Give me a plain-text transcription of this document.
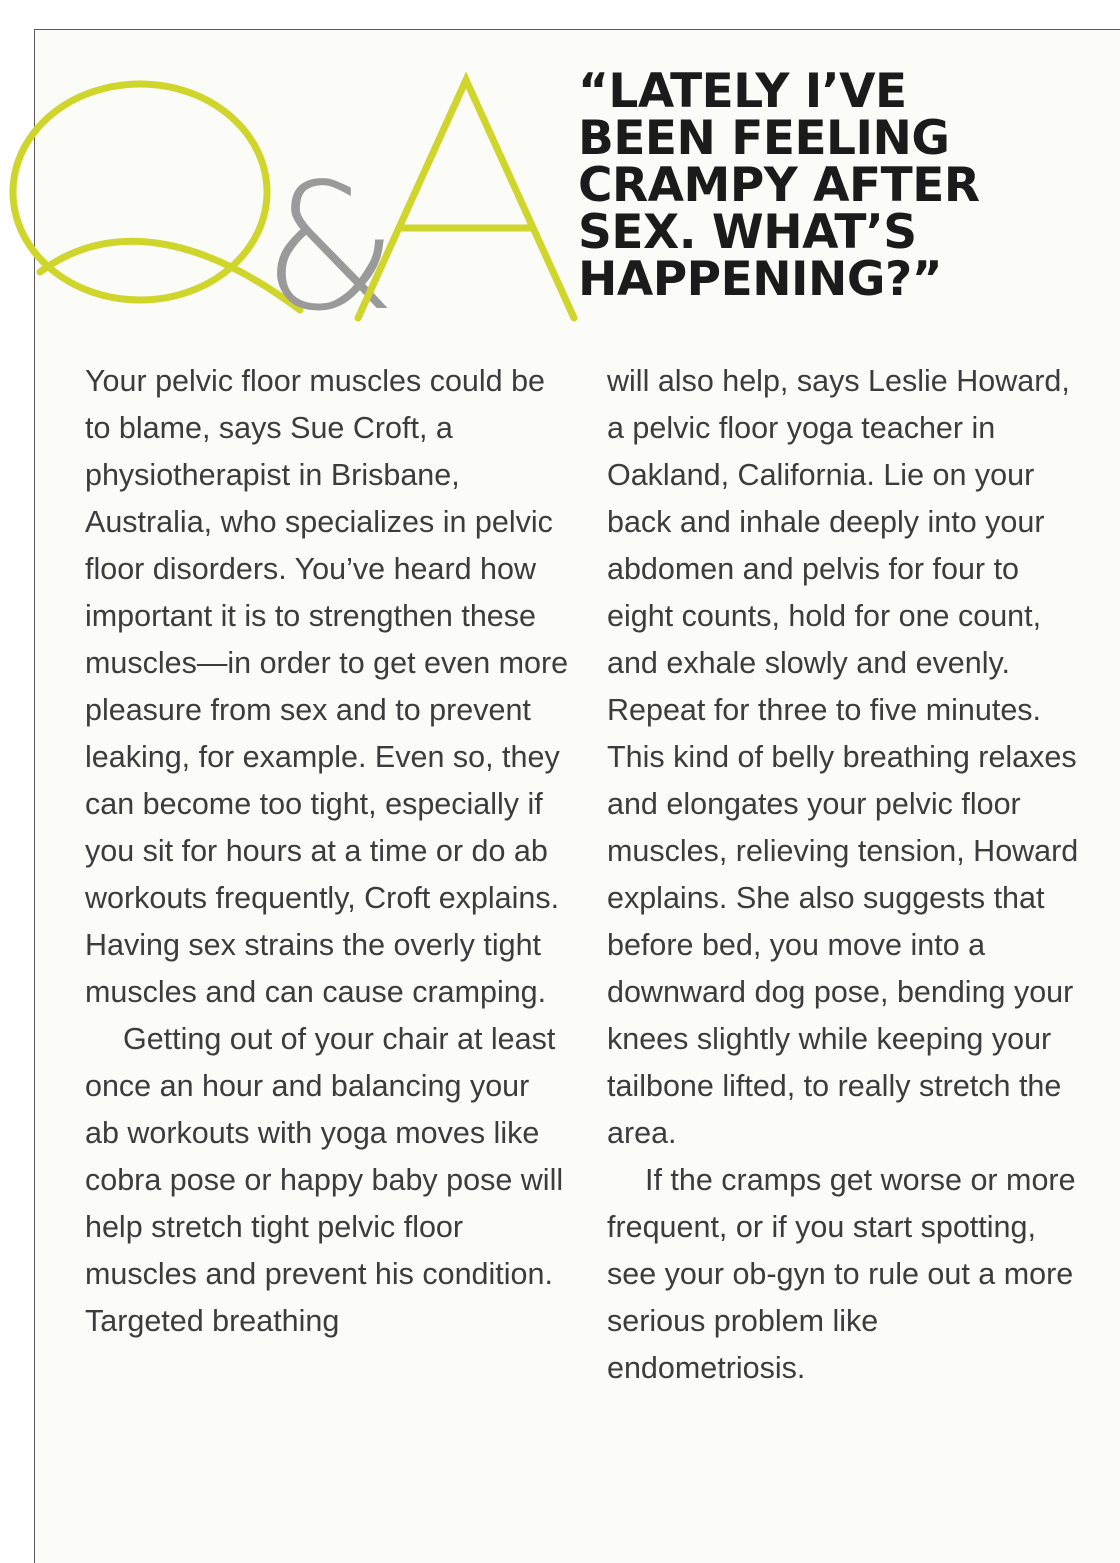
&
“LATELY I’VE
BEEN FEELING
CRAMPY AFTER
SEX. WHAT’S
HAPPENING?”

Your pelvic floor muscles could be to blame, says Sue Croft, a physiotherapist in Brisbane, Australia, who specializes in pelvic floor disorders. You’ve heard how important it is to strengthen these muscles—in order to get even more pleasure from sex and to prevent leaking, for example. Even so, they can become too tight, especially if you sit for hours at a time or do ab workouts frequently, Croft explains. Having sex strains the overly tight muscles and can cause cramping.

Getting out of your chair at least once an hour and balancing your ab workouts with yoga moves like cobra pose or happy baby pose will help stretch tight pelvic floor muscles and prevent his condition. Targeted breathing

will also help, says Leslie Howard, a pelvic floor yoga teacher in Oakland, California. Lie on your back and inhale deeply into your abdomen and pelvis for four to eight counts, hold for one count, and exhale slowly and evenly. Repeat for three to five minutes. This kind of belly breathing relaxes and elongates your pelvic floor muscles, relieving tension, Howard explains. She also suggests that before bed, you move into a downward dog pose, bending your knees slightly while keeping your tailbone lifted, to really stretch the area.

If the cramps get worse or more frequent, or if you start spotting, see your ob-gyn to rule out a more serious problem like endometriosis.
